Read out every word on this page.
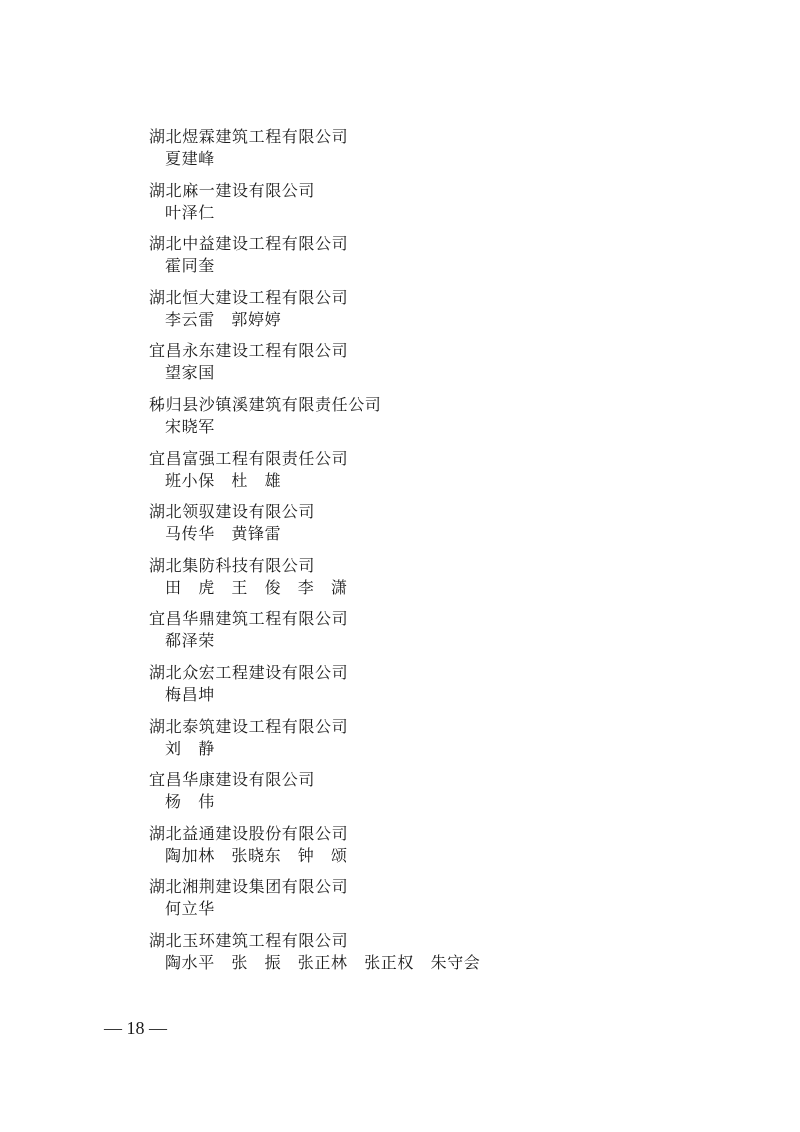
湖北煜霖建筑工程有限公司
夏建峰
湖北麻一建设有限公司
叶泽仁
湖北中益建设工程有限公司
霍同奎
湖北恒大建设工程有限公司
李云雷　郭婷婷
宜昌永东建设工程有限公司
望家国
秭归县沙镇溪建筑有限责任公司
宋晓军
宜昌富强工程有限责任公司
班小保　杜　雄
湖北领驭建设有限公司
马传华　黄锋雷
湖北集防科技有限公司
田　虎　王　俊　李　潇
宜昌华鼎建筑工程有限公司
郗泽荣
湖北众宏工程建设有限公司
梅昌坤
湖北泰筑建设工程有限公司
刘　静
宜昌华康建设有限公司
杨　伟
湖北益通建设股份有限公司
陶加林　张晓东　钟　颂
湖北湘荆建设集团有限公司
何立华
湖北玉环建筑工程有限公司
陶水平　张　振　张正林　张正权　朱守会
— 18 —
